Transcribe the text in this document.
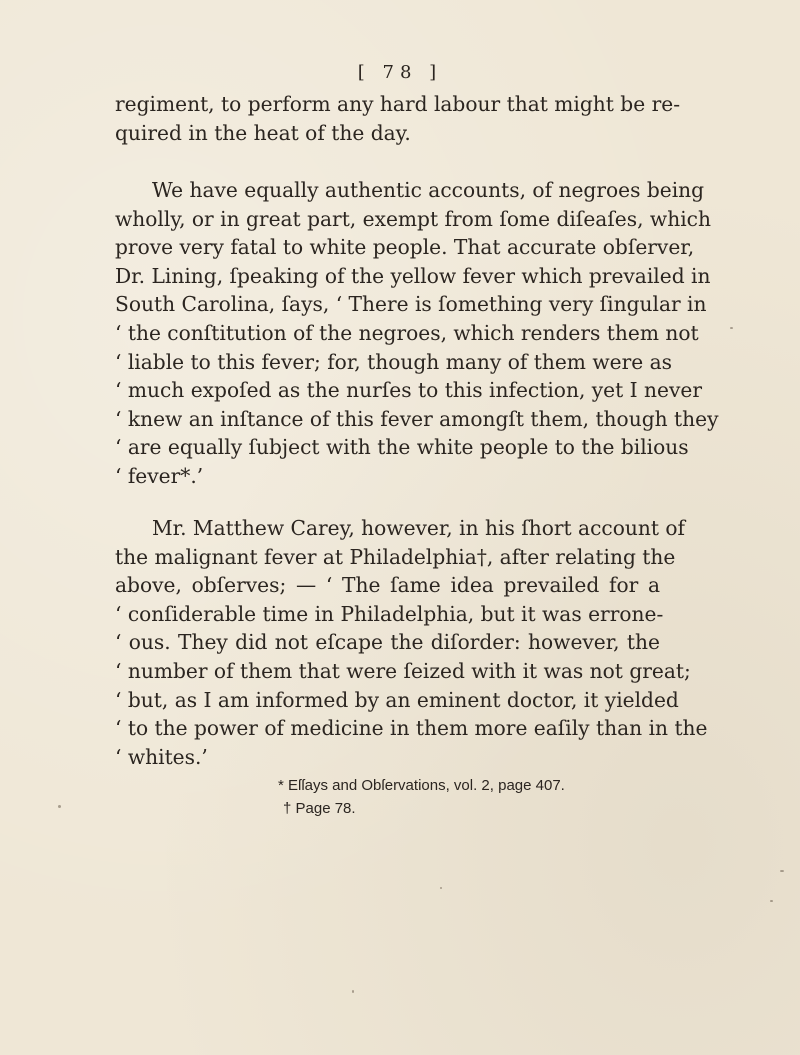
[ 78 ]
regiment, to perform any hard labour that might be re-
quired in the heat of the day.
We have equally authentic accounts, of negroes being
wholly, or in great part, exempt from ſome diſeaſes, which
prove very fatal to white people. That accurate obſerver,
Dr. Lining, ſpeaking of the yellow fever which prevailed in
South Carolina, ſays, ‘ There is ſomething very ſingular in
‘ the conſtitution of the negroes, which renders them not
‘ liable to this fever; for, though many of them were as
‘ much expoſed as the nurſes to this infection, yet I never
‘ knew an inſtance of this fever amongſt them, though they
‘ are equally ſubject with the white people to the bilious
‘ fever*.’
Mr. Matthew Carey, however, in his ſhort account of
the malignant fever at Philadelphia†, after relating the
above, obſerves; — ‘ The ſame idea prevailed for a
‘ conſiderable time in Philadelphia, but it was errone-
‘ ous. They did not eſcape the diſorder: however, the
‘ number of them that were ſeized with it was not great;
‘ but, as I am informed by an eminent doctor, it yielded
‘ to the power of medicine in them more eaſily than in the
‘ whites.’
* Eſſays and Obſervations, vol. 2, page 407.
† Page 78.
